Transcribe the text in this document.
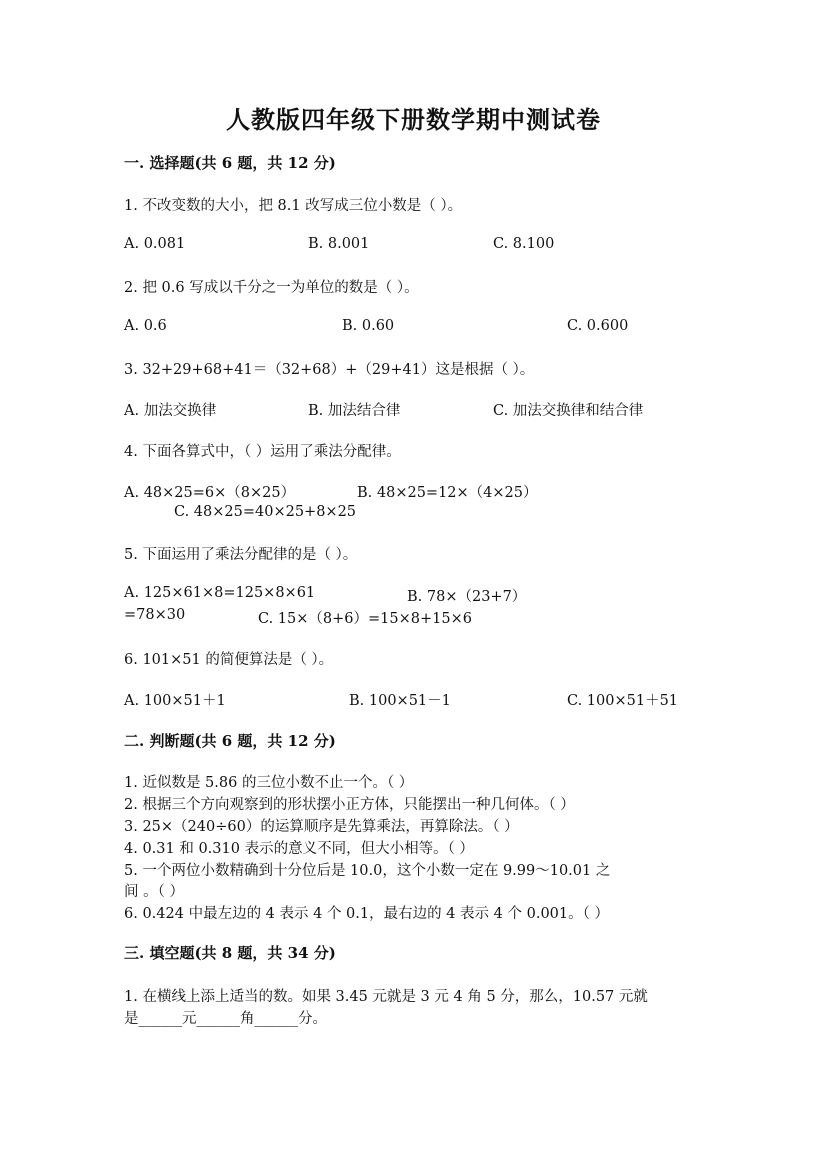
人教版四年级下册数学期中测试卷
一. 选择题(共 6 题，共 12 分)
1. 不改变数的大小，把 8.1 改写成三位小数是（ ）。
A. 0.081	B. 8.001	C. 8.100
2. 把 0.6 写成以千分之一为单位的数是（ ）。
A. 0.6	B. 0.60	C. 0.600
3. 32+29+68+41＝（32+68）+（29+41）这是根据（ ）。
A. 加法交换律	B. 加法结合律	C. 加法交换律和结合律
4. 下面各算式中，（ ）运用了乘法分配律。
A. 48×25=6×（8×25）	B. 48×25=12×（4×25）
C. 48×25=40×25+8×25
5. 下面运用了乘法分配律的是（ ）。
A. 125×61×8=125×8×61	B. 78×（23+7）
=78×30	C. 15×（8+6）=15×8+15×6
6. 101×51 的简便算法是（ ）。
A. 100×51＋1	B. 100×51－1	C. 100×51＋51
二. 判断题(共 6 题，共 12 分)
1. 近似数是 5.86 的三位小数不止一个。（ ）
2. 根据三个方向观察到的形状摆小正方体，只能摆出一种几何体。（ ）
3. 25×（240÷60）的运算顺序是先算乘法，再算除法。（ ）
4. 0.31 和 0.310 表示的意义不同，但大小相等。（ ）
5. 一个两位小数精确到十分位后是 10.0，这个小数一定在 9.99～10.01 之
间 。（ ）
6. 0.424 中最左边的 4 表示 4 个 0.1，最右边的 4 表示 4 个 0.001。（ ）
三. 填空题(共 8 题，共 34 分)
1. 在横线上添上适当的数。如果 3.45 元就是 3 元 4 角 5 分，那么，10.57 元就
是______元______角______分。
